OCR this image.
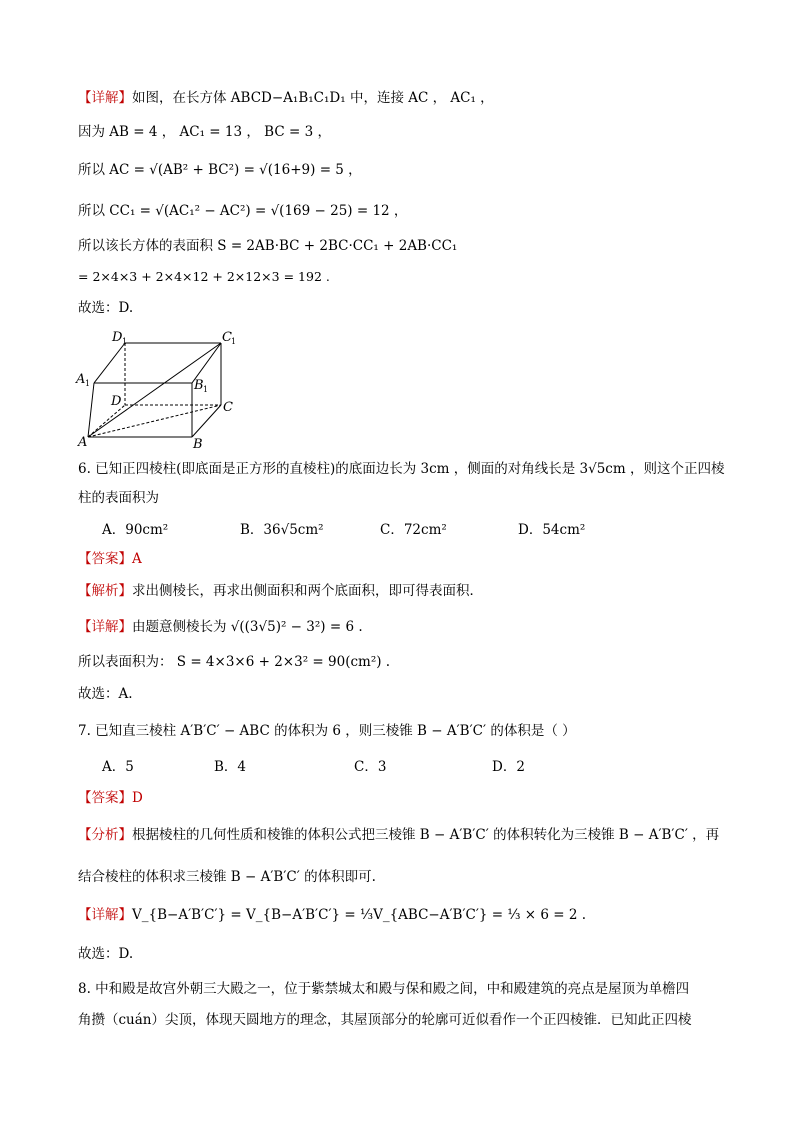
【详解】如图，在长方体 ABCD−A₁B₁C₁D₁ 中，连接 AC ， AC₁ ，
因为 AB = 4 ， AC₁ = 13 ， BC = 3 ，
所以 AC = √(AB² + BC²) = √(16+9) = 5 ，
所以 CC₁ = √(AC₁² − AC²) = √(169 − 25) = 12 ，
所以该长方体的表面积 S = 2AB·BC + 2BC·CC₁ + 2AB·CC₁
= 2×4×3 + 2×4×12 + 2×12×3 = 192 .
故选：D.
D 1	C 1
A 1	B 1
D	C
A	B
6. 已知正四棱柱(即底面是正方形的直棱柱)的底面边长为 3cm ，侧面的对角线长是 3√5cm ，则这个正四棱
柱的表面积为
A．90cm²	B．36√5cm²	C．72cm²	D．54cm²
【答案】A
【解析】求出侧棱长，再求出侧面积和两个底面积，即可得表面积．
【详解】由题意侧棱长为 √((3√5)² − 3²) = 6 .
所以表面积为： S = 4×3×6 + 2×3² = 90(cm²) .
故选：A.
7. 已知直三棱柱 A′B′C′ − ABC 的体积为 6 ，则三棱锥 B − A′B′C′ 的体积是（ ）
A．5	B．4	C．3	D．2
【答案】D
【分析】根据棱柱的几何性质和棱锥的体积公式把三棱锥 B − A′B′C′ 的体积转化为三棱锥 B − A′B′C′ ，再
结合棱柱的体积求三棱锥 B − A′B′C′ 的体积即可.
【详解】V_{B−A′B′C′} = V_{B−A′B′C′} = ⅓V_{ABC−A′B′C′} = ⅓ × 6 = 2 .
故选：D.
8. 中和殿是故宫外朝三大殿之一，位于紫禁城太和殿与保和殿之间，中和殿建筑的亮点是屋顶为单檐四
角攒（cuán）尖顶，体现天圆地方的理念，其屋顶部分的轮廓可近似看作一个正四棱锥．已知此正四棱
